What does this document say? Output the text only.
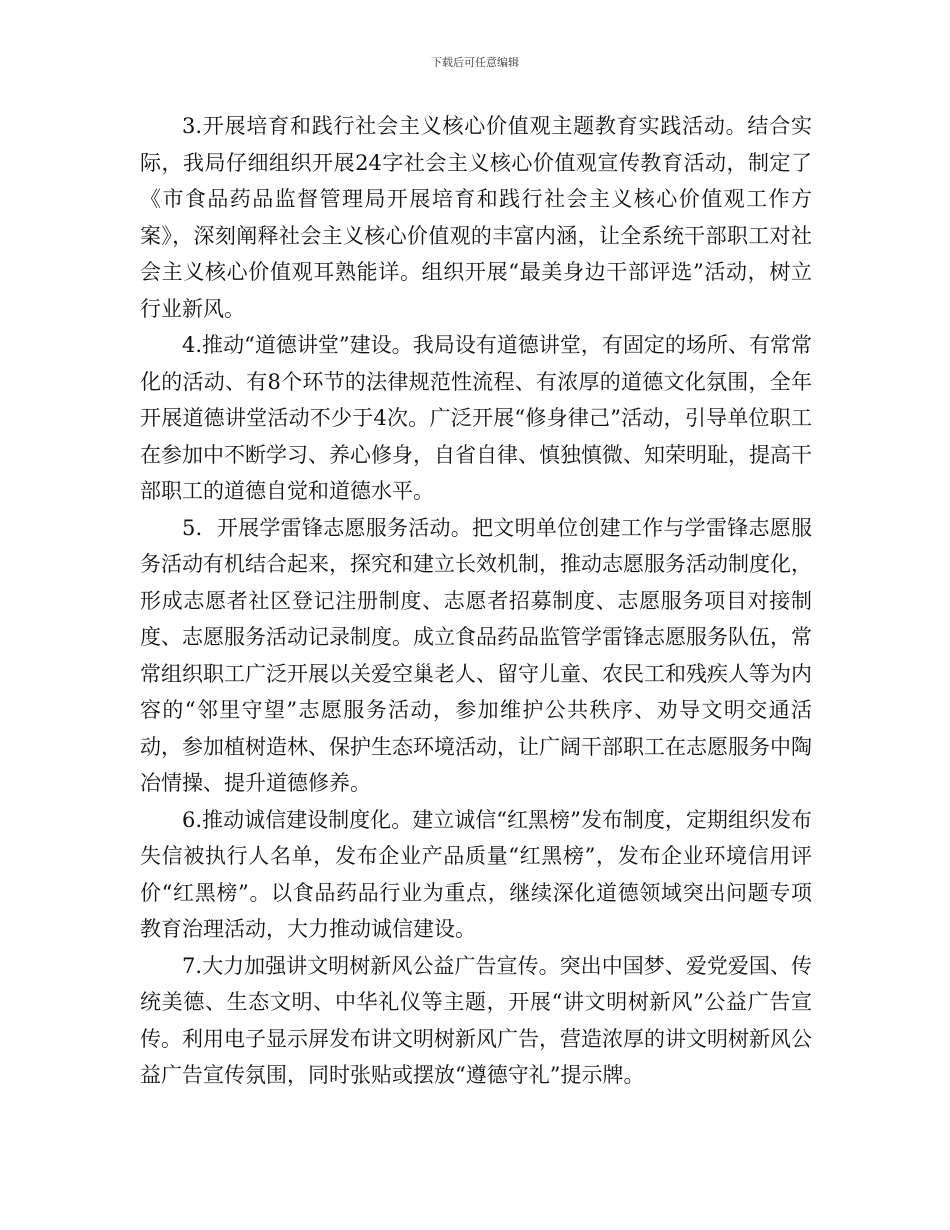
下载后可任意编辑

3.开展培育和践行社会主义核心价值观主题教育实践活动。结合实际，我局仔细组织开展24字社会主义核心价值观宣传教育活动，制定了《市食品药品监督管理局开展培育和践行社会主义核心价值观工作方案》，深刻阐释社会主义核心价值观的丰富内涵，让全系统干部职工对社会主义核心价值观耳熟能详。组织开展“最美身边干部评选”活动，树立行业新风。

4.推动“道德讲堂”建设。我局设有道德讲堂，有固定的场所、有常常化的活动、有8个环节的法律规范性流程、有浓厚的道德文化氛围，全年开展道德讲堂活动不少于4次。广泛开展“修身律己”活动，引导单位职工在参加中不断学习、养心修身，自省自律、慎独慎微、知荣明耻，提高干部职工的道德自觉和道德水平。

5．开展学雷锋志愿服务活动。把文明单位创建工作与学雷锋志愿服务活动有机结合起来，探究和建立长效机制，推动志愿服务活动制度化，形成志愿者社区登记注册制度、志愿者招募制度、志愿服务项目对接制度、志愿服务活动记录制度。成立食品药品监管学雷锋志愿服务队伍，常常组织职工广泛开展以关爱空巢老人、留守儿童、农民工和残疾人等为内容的“邻里守望”志愿服务活动，参加维护公共秩序、劝导文明交通活动，参加植树造林、保护生态环境活动，让广阔干部职工在志愿服务中陶冶情操、提升道德修养。

6.推动诚信建设制度化。建立诚信“红黑榜”发布制度，定期组织发布失信被执行人名单，发布企业产品质量“红黑榜”，发布企业环境信用评价“红黑榜”。以食品药品行业为重点，继续深化道德领域突出问题专项教育治理活动，大力推动诚信建设。

7.大力加强讲文明树新风公益广告宣传。突出中国梦、爱党爱国、传统美德、生态文明、中华礼仪等主题，开展“讲文明树新风”公益广告宣传。利用电子显示屏发布讲文明树新风广告，营造浓厚的讲文明树新风公益广告宣传氛围，同时张贴或摆放“遵德守礼”提示牌。
